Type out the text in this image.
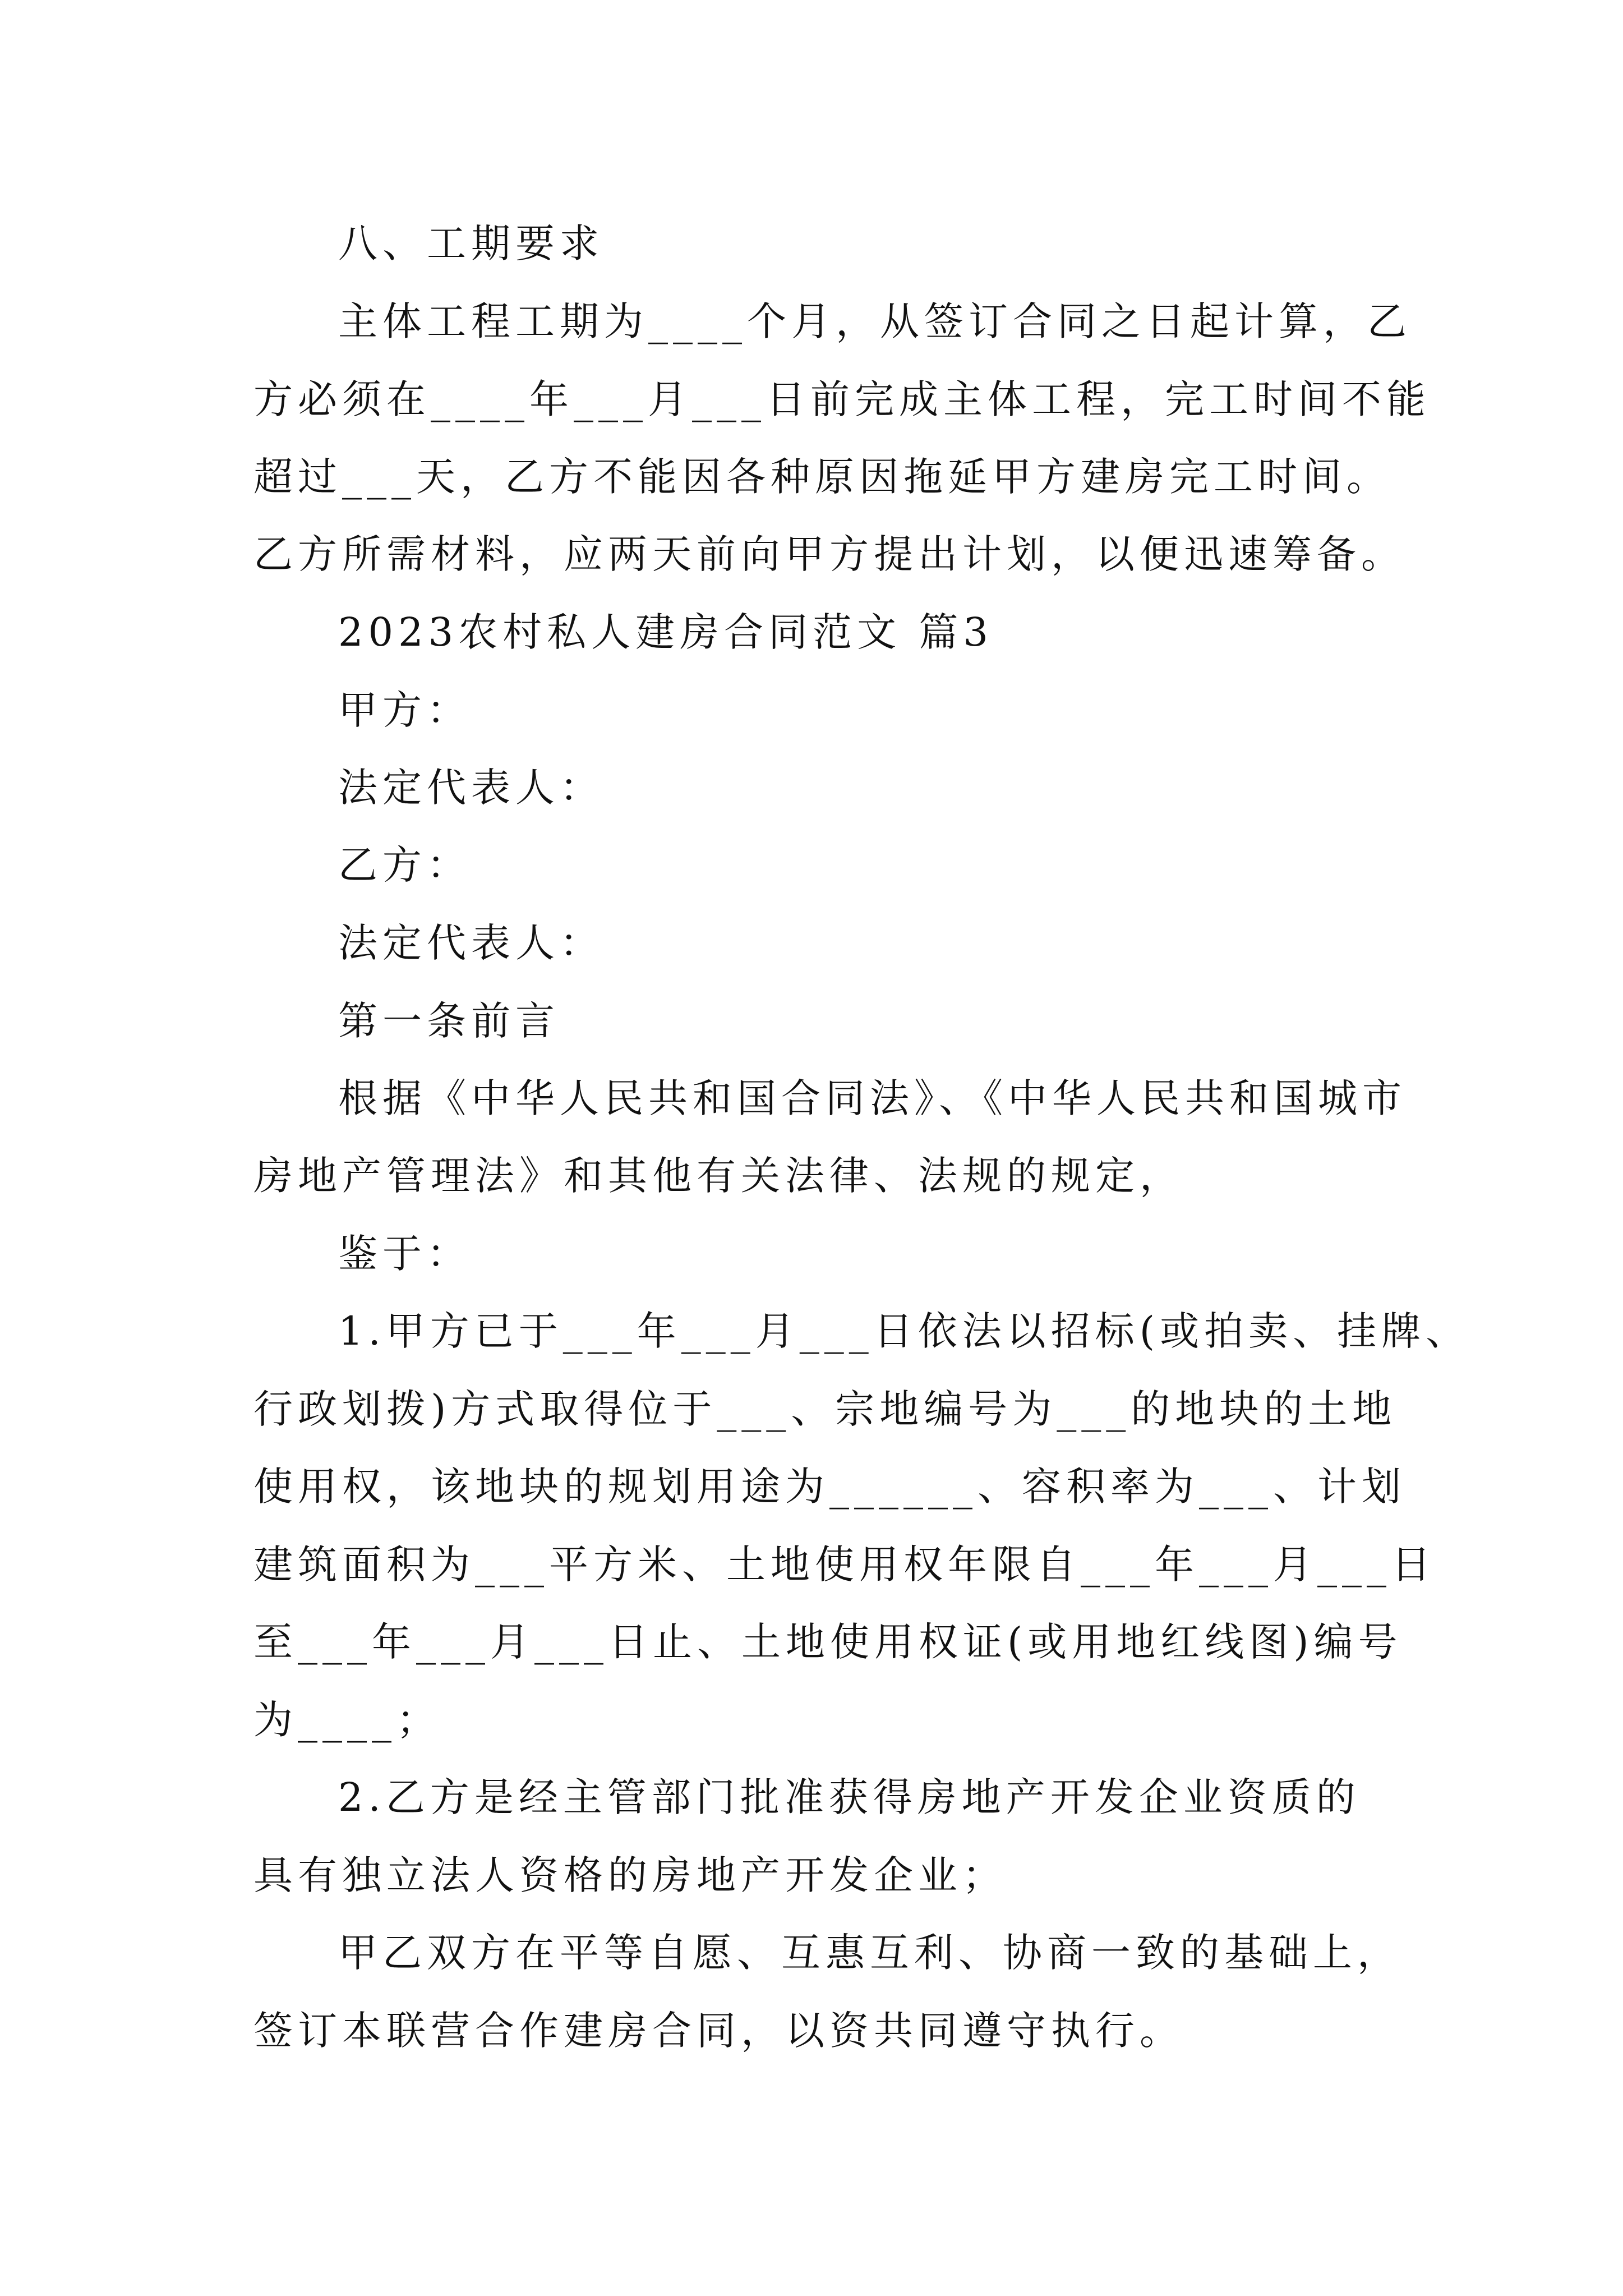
八、工期要求
主体工程工期为____个月，从签订合同之日起计算，乙
方必须在____年___月___日前完成主体工程，完工时间不能
超过___天，乙方不能因各种原因拖延甲方建房完工时间。
乙方所需材料，应两天前向甲方提出计划，以便迅速筹备。
2023农村私人建房合同范文 篇3
甲方：
法定代表人：
乙方：
法定代表人：
第一条前言
根据《中华人民共和国合同法》、《中华人民共和国城市
房地产管理法》和其他有关法律、法规的规定，
鉴于：
1.甲方已于___年___月___日依法以招标(或拍卖、挂牌、
行政划拨)方式取得位于___、宗地编号为___的地块的土地
使用权，该地块的规划用途为______、容积率为___、计划
建筑面积为___平方米、土地使用权年限自___年___月___日
至___年___月___日止、土地使用权证(或用地红线图)编号
为____；
2.乙方是经主管部门批准获得房地产开发企业资质的
具有独立法人资格的房地产开发企业；
甲乙双方在平等自愿、互惠互利、协商一致的基础上，
签订本联营合作建房合同，以资共同遵守执行。
